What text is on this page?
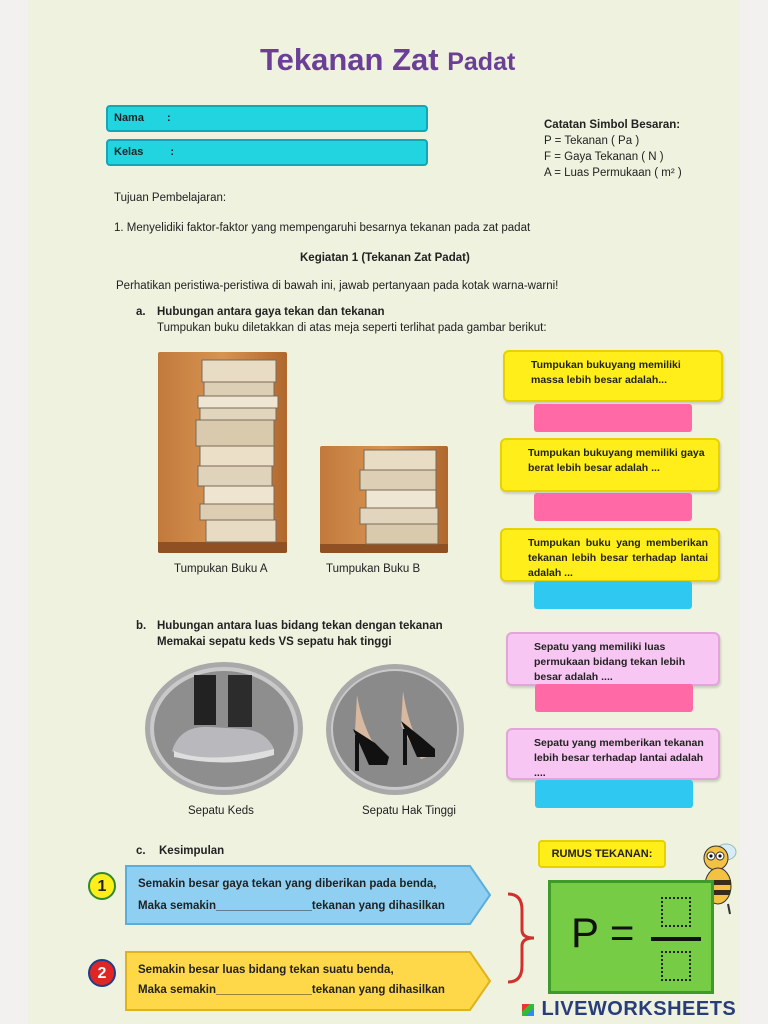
Tekanan Zat Padat
Nama :
Kelas :
Catatan Simbol Besaran:
P = Tekanan ( Pa )
F = Gaya Tekanan ( N )
A = Luas Permukaan ( m² )
Tujuan Pembelajaran:
1. Menyelidiki faktor-faktor yang mempengaruhi besarnya tekanan pada zat padat
Kegiatan 1 (Tekanan Zat Padat)
Perhatikan peristiwa-peristiwa di bawah ini, jawab pertanyaan pada kotak warna-warni!
a. Hubungan antara gaya tekan dan tekanan
Tumpukan buku diletakkan di atas meja seperti terlihat pada gambar berikut:
Tumpukan Buku A	Tumpukan Buku B
Tumpukan bukuyang memiliki massa lebih besar adalah...
Tumpukan bukuyang memiliki gaya berat lebih besar adalah ...
Tumpukan buku yang memberikan tekanan lebih besar terhadap lantai adalah ...
b. Hubungan antara luas bidang tekan dengan tekanan
Memakai sepatu keds VS sepatu hak tinggi
Sepatu Keds	Sepatu Hak Tinggi
Sepatu yang memiliki luas permukaan bidang tekan lebih besar adalah ....
Sepatu yang memberikan tekanan lebih besar terhadap lantai adalah ....
c. Kesimpulan
1	Semakin besar gaya tekan yang diberikan pada benda,
Maka semakin_______________tekanan yang dihasilkan
2	Semakin besar luas bidang tekan suatu benda,
Maka semakin_______________tekanan yang dihasilkan
RUMUS TEKANAN:
P =
LIVEWORKSHEETS
